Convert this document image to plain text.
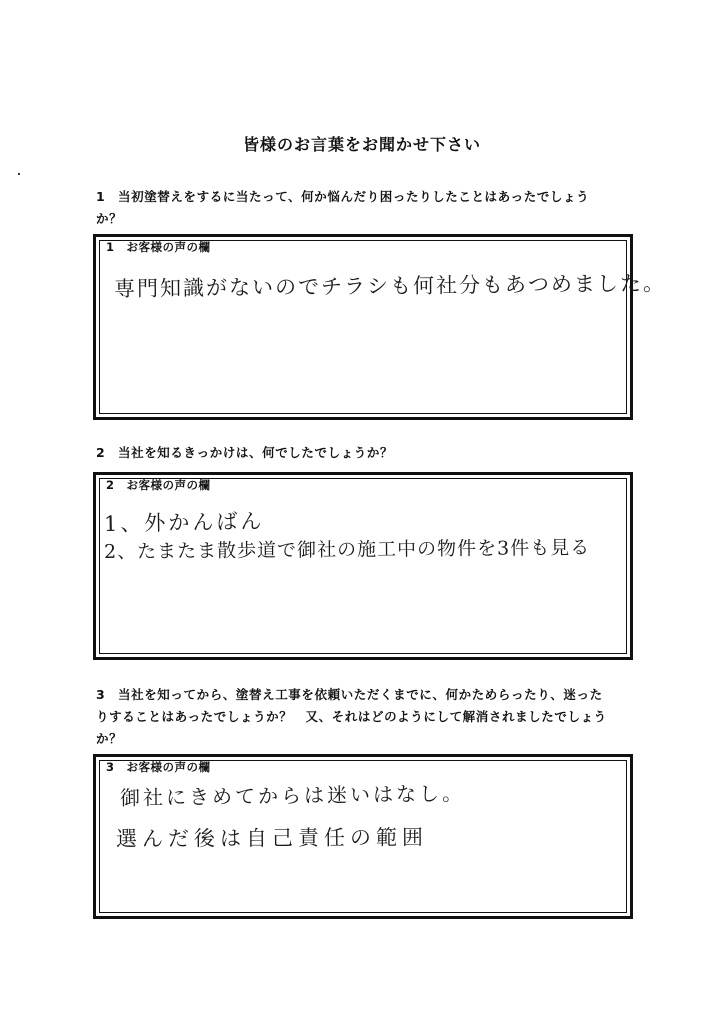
皆様のお言葉をお聞かせ下さい
1 当初塗替えをするに当たって、何か悩んだり困ったりしたことはあったでしょう
か？
1　お客様の声の欄
専門知識がないのでチラシも何社分もあつめました。
2 当社を知るきっかけは、何でしたでしょうか？
2　お客様の声の欄
1、外かんばん
2、たまたま散歩道で御社の施工中の物件を3件も見る
3 当社を知ってから、塗替え工事を依頼いただくまでに、何かためらったり、迷った
りすることはあったでしょうか？　又、それはどのようにして解消されましたでしょう
か？
3　お客様の声の欄
御社にきめてからは迷いはなし。
選んだ後は自己責任の範囲
